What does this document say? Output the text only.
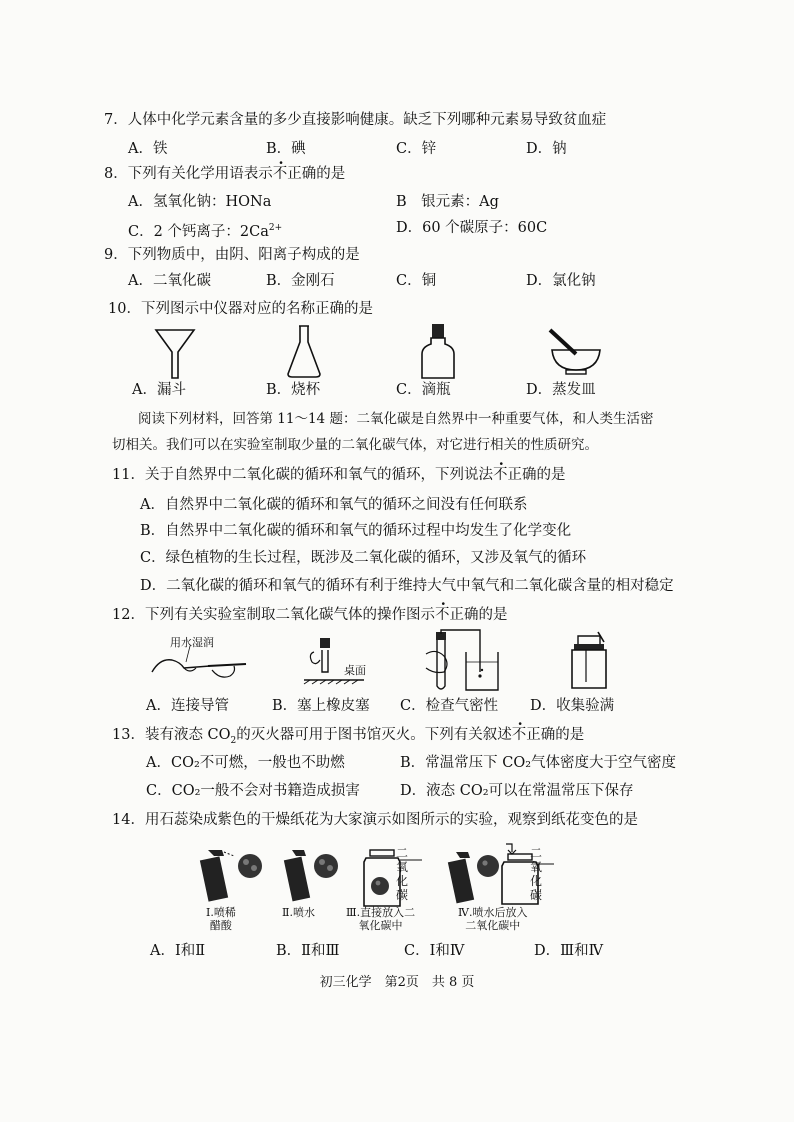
7．人体中化学元素含量的多少直接影响健康。缺乏下列哪种元素易导致贫血症
A．铁	B．碘	C．锌	D．钠
8．下列有关化学用语表示不正确的是
A．氢氧化钠：HONa	B　银元素：Ag
C．2 个钙离子：$2Ca^{2+}$	D．60 个碳原子：60C
9．下列物质中，由阴、阳离子构成的是
A．二氧化碳	B．金刚石	C．铜	D．氯化钠
10．下列图示中仪器对应的名称正确的是
A．漏斗	B．烧杯	C．滴瓶	D．蒸发皿
阅读下列材料，回答第 11～14 题：二氧化碳是自然界中一种重要气体，和人类生活密
切相关。我们可以在实验室制取少量的二氧化碳气体，对它进行相关的性质研究。
11．关于自然界中二氧化碳的循环和氧气的循环，下列说法不正确的是
A．自然界中二氧化碳的循环和氧气的循环之间没有任何联系
B．自然界中二氧化碳的循环和氧气的循环过程中均发生了化学变化
C．绿色植物的生长过程，既涉及二氧化碳的循环，又涉及氧气的循环
D．二氧化碳的循环和氧气的循环有利于维持大气中氧气和二氧化碳含量的相对稳定
12．下列有关实验室制取二氧化碳气体的操作图示不正确的是
用水湿润
桌面
A．连接导管	B．塞上橡皮塞 C．检查气密性 D．收集验满
13．装有液态 $CO_2$的灭火器可用于图书馆灭火。下列有关叙述不正确的是
A．CO₂不可燃，一般也不助燃	B．常温常压下 CO₂气体密度大于空气密度
C．CO₂一般不会对书籍造成损害	D．液态 CO₂可以在常温常压下保存
14．用石蕊染成紫色的干燥纸花为大家演示如图所示的实验，观察到纸花变色的是
二
氧
化
碳
二
氧
化
碳
Ⅰ.喷稀
醋酸
Ⅱ.喷水	Ⅲ.直接放入二
氧化碳中
Ⅳ.喷水后放入
二氧化碳中
A．Ⅰ和Ⅱ	B．Ⅱ和Ⅲ	C．Ⅰ和Ⅳ	D．Ⅲ和Ⅳ
初三化学　第2页　共 8 页
